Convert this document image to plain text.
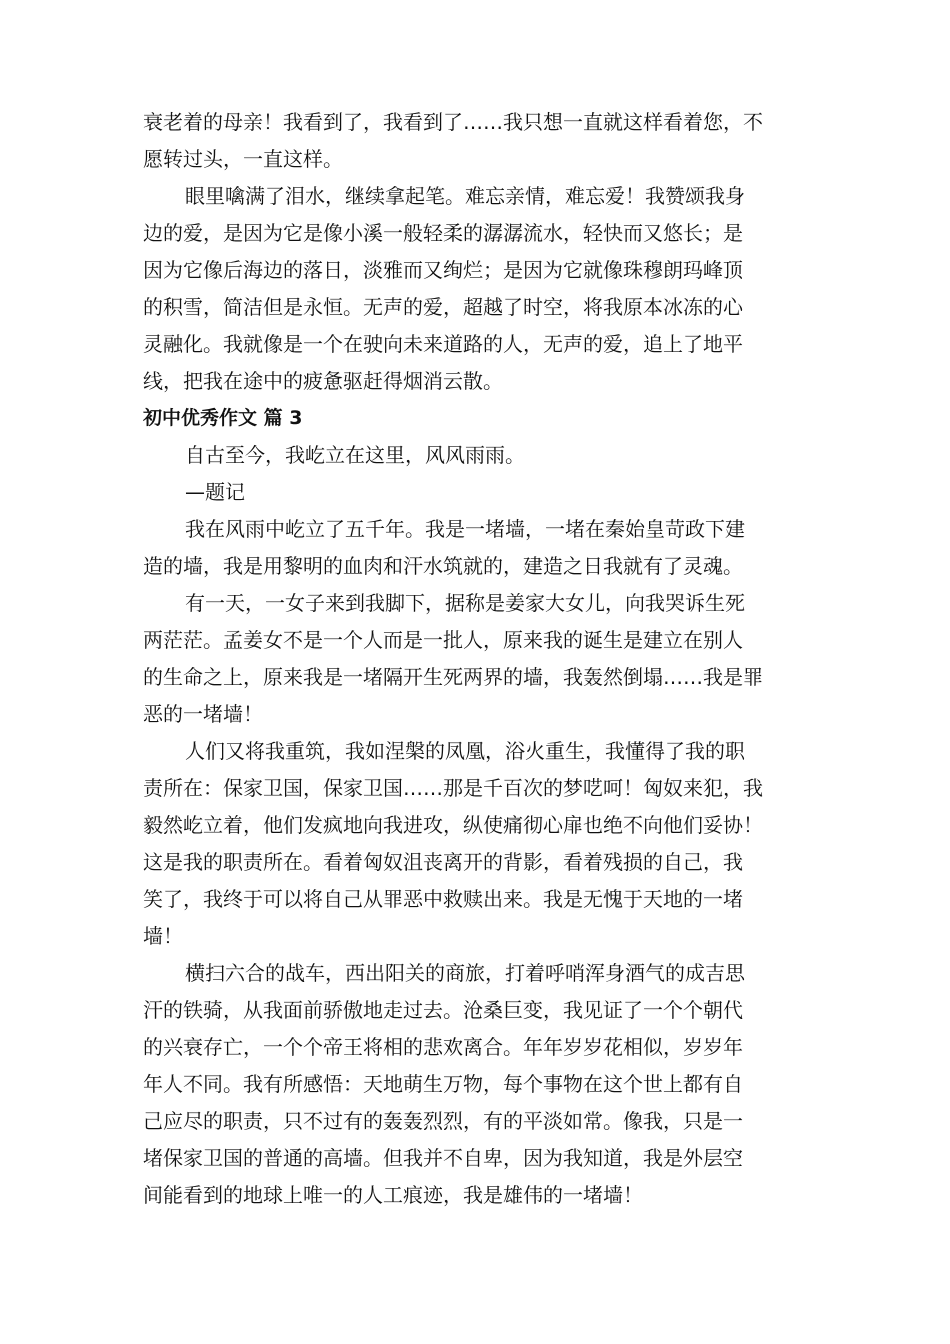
衰老着的母亲！我看到了，我看到了……我只想一直就这样看着您，不
愿转过头，一直这样。
眼里噙满了泪水，继续拿起笔。难忘亲情，难忘爱！我赞颂我身
边的爱，是因为它是像小溪一般轻柔的潺潺流水，轻快而又悠长；是
因为它像后海边的落日，淡雅而又绚烂；是因为它就像珠穆朗玛峰顶
的积雪，简洁但是永恒。无声的爱，超越了时空，将我原本冰冻的心
灵融化。我就像是一个在驶向未来道路的人，无声的爱，追上了地平
线，把我在途中的疲惫驱赶得烟消云散。
初中优秀作文 篇 3
自古至今，我屹立在这里，风风雨雨。
—题记
我在风雨中屹立了五千年。我是一堵墙，一堵在秦始皇苛政下建
造的墙，我是用黎明的血肉和汗水筑就的，建造之日我就有了灵魂。
有一天，一女子来到我脚下，据称是姜家大女儿，向我哭诉生死
两茫茫。孟姜女不是一个人而是一批人，原来我的诞生是建立在别人
的生命之上，原来我是一堵隔开生死两界的墙，我轰然倒塌……我是罪
恶的一堵墙！
人们又将我重筑，我如涅槃的凤凰，浴火重生，我懂得了我的职
责所在：保家卫国，保家卫国……那是千百次的梦呓呵！匈奴来犯，我
毅然屹立着，他们发疯地向我进攻，纵使痛彻心扉也绝不向他们妥协！
这是我的职责所在。看着匈奴沮丧离开的背影，看着残损的自己，我
笑了，我终于可以将自己从罪恶中救赎出来。我是无愧于天地的一堵
墙！
横扫六合的战车，西出阳关的商旅，打着呼哨浑身酒气的成吉思
汗的铁骑，从我面前骄傲地走过去。沧桑巨变，我见证了一个个朝代
的兴衰存亡，一个个帝王将相的悲欢离合。年年岁岁花相似，岁岁年
年人不同。我有所感悟：天地萌生万物，每个事物在这个世上都有自
己应尽的职责，只不过有的轰轰烈烈，有的平淡如常。像我，只是一
堵保家卫国的普通的高墙。但我并不自卑，因为我知道，我是外层空
间能看到的地球上唯一的人工痕迹，我是雄伟的一堵墙！
